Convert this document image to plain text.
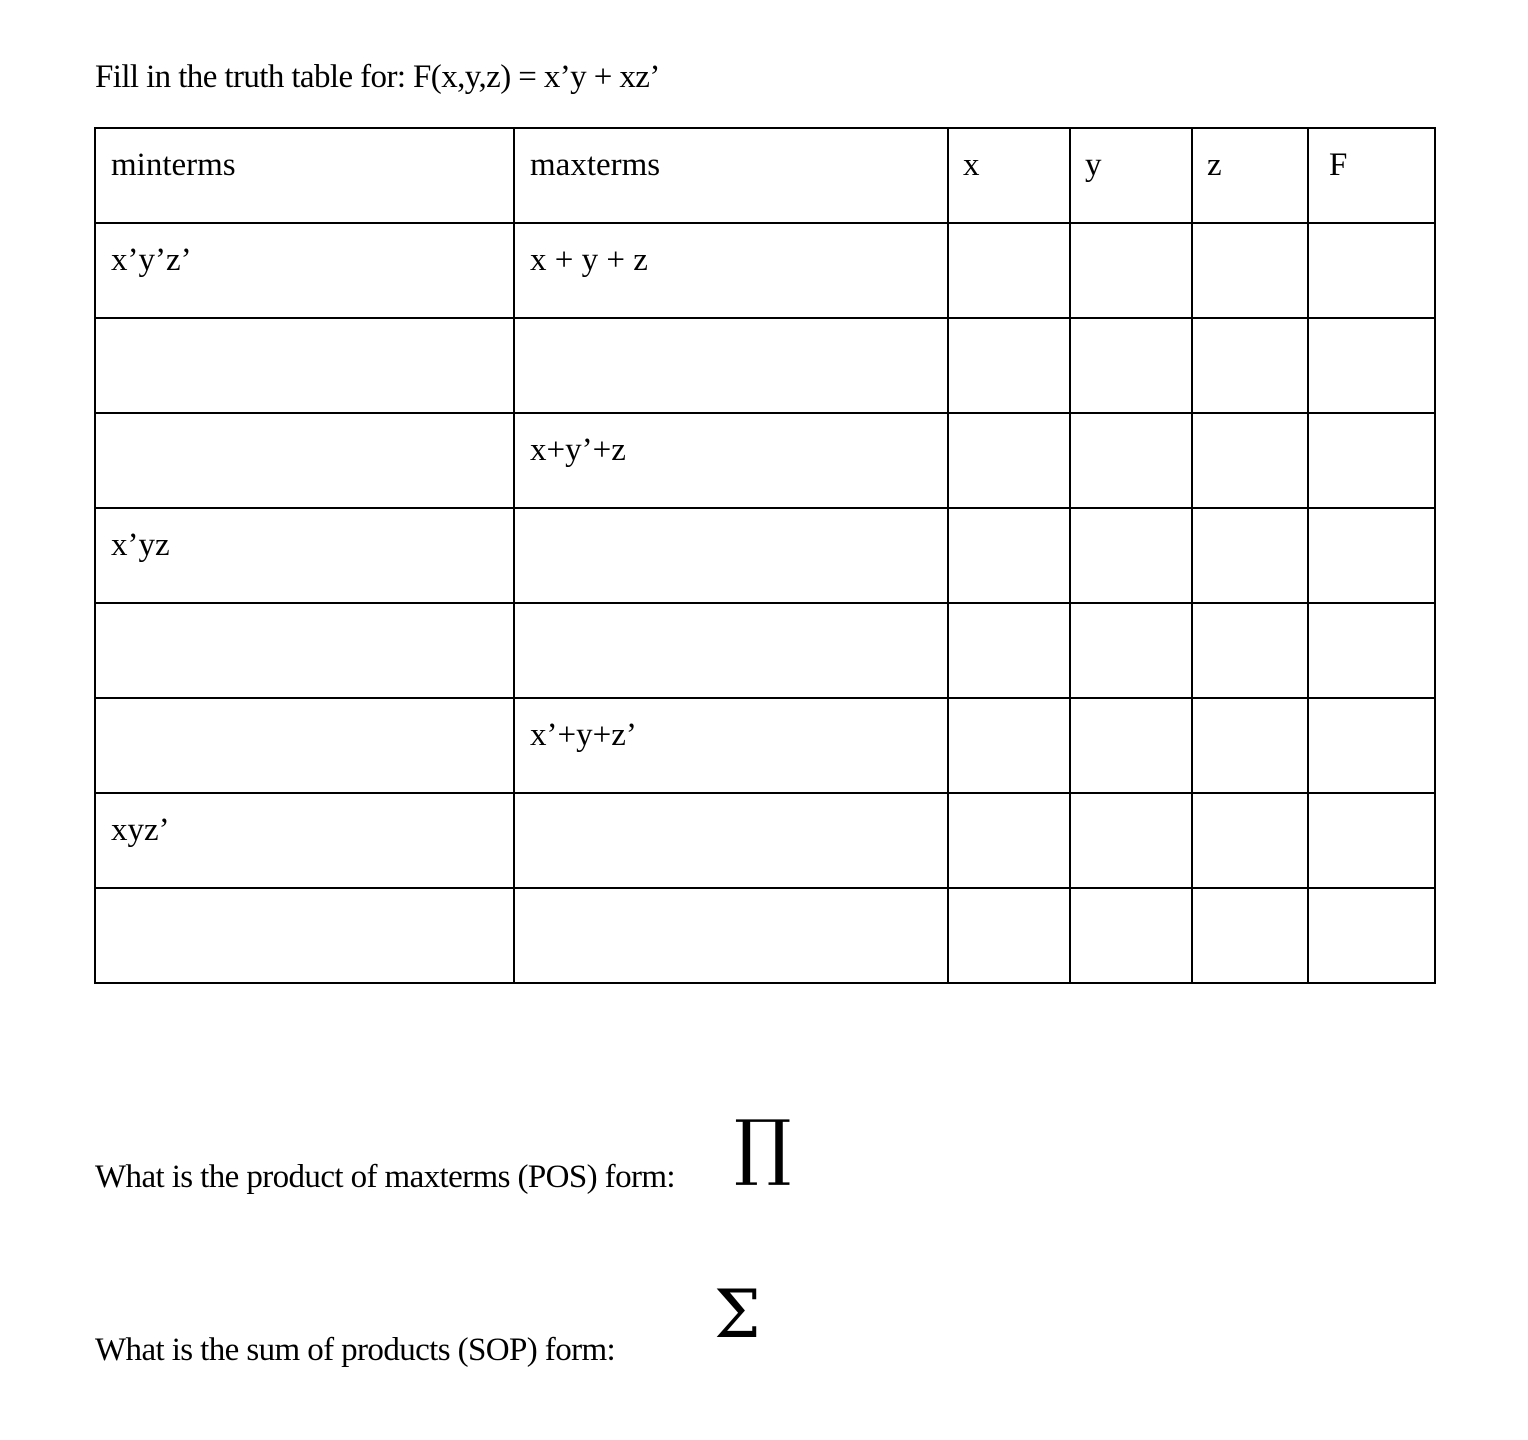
Fill in the truth table for: F(x,y,z) = x’y + xz’
minterms	maxterms	x	y	z	F

x’y’z’	x + y + z				

	x+y’+z				

x’yz					

	x’+y+z’				

xyz’					

What is the product of maxterms (POS) form: ∏
What is the sum of products (SOP) form: Σ
